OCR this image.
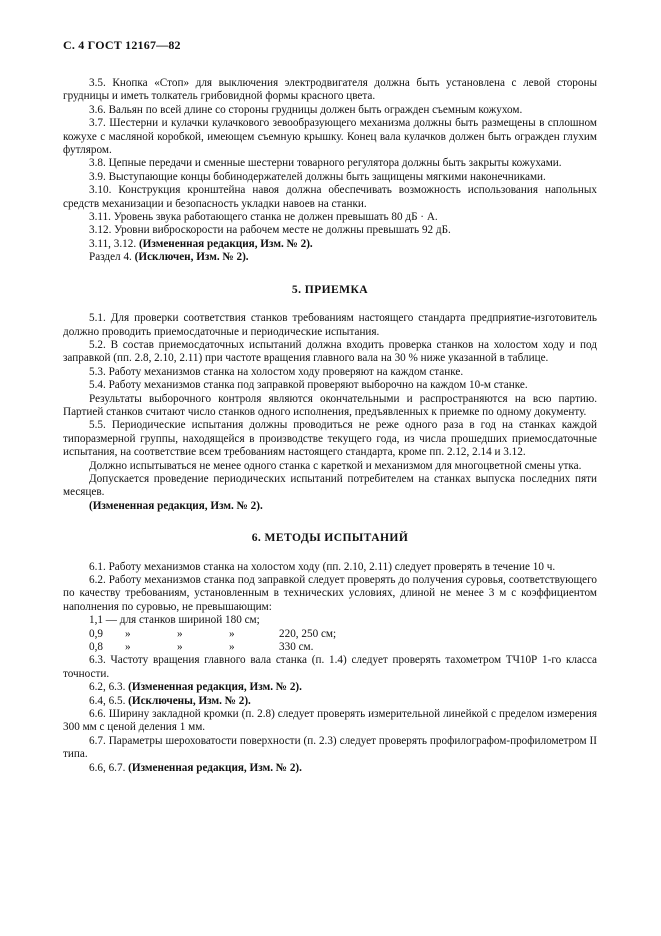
С. 4 ГОСТ 12167—82

3.5. Кнопка «Стоп» для выключения электродвигателя должна быть установлена с левой стороны грудницы и иметь толкатель грибовидной формы красного цвета.

3.6. Вальян по всей длине со стороны грудницы должен быть огражден съемным кожухом.

3.7. Шестерни и кулачки кулачкового зевообразующего механизма должны быть размещены в сплошном кожухе с масляной коробкой, имеющем съемную крышку. Конец вала кулачков должен быть огражден глухим футляром.

3.8. Цепные передачи и сменные шестерни товарного регулятора должны быть закрыты кожухами.

3.9. Выступающие концы бобинодержателей должны быть защищены мягкими наконечниками.

3.10. Конструкция кронштейна навоя должна обеспечивать возможность использования напольных средств механизации и безопасность укладки навоев на станки.

3.11. Уровень звука работающего станка не должен превышать 80 дБ · А.

3.12. Уровни виброскорости на рабочем месте не должны превышать 92 дБ.

3.11, 3.12. (Измененная редакция, Изм. № 2).

Раздел 4. (Исключен, Изм. № 2).

5. ПРИЕМКА

5.1. Для проверки соответствия станков требованиям настоящего стандарта предприятие-изготовитель должно проводить приемосдаточные и периодические испытания.

5.2. В состав приемосдаточных испытаний должна входить проверка станков на холостом ходу и под заправкой (пп. 2.8, 2.10, 2.11) при частоте вращения главного вала на 30 % ниже указанной в таблице.

5.3. Работу механизмов станка на холостом ходу проверяют на каждом станке.

5.4. Работу механизмов станка под заправкой проверяют выборочно на каждом 10-м станке.

Результаты выборочного контроля являются окончательными и распространяются на всю партию. Партией станков считают число станков одного исполнения, предъявленных к приемке по одному документу.

5.5. Периодические испытания должны проводиться не реже одного раза в год на станках каждой типоразмерной группы, находящейся в производстве текущего года, из числа прошедших приемосдаточные испытания, на соответствие всем требованиям настоящего стандарта, кроме пп. 2.12, 2.14 и 3.12.

Должно испытываться не менее одного станка с кареткой и механизмом для многоцветной смены утка.

Допускается проведение периодических испытаний потребителем на станках выпуска последних пяти месяцев.

(Измененная редакция, Изм. № 2).

6. МЕТОДЫ ИСПЫТАНИЙ

6.1. Работу механизмов станка на холостом ходу (пп. 2.10, 2.11) следует проверять в течение 10 ч.

6.2. Работу механизмов станка под заправкой следует проверять до получения суровья, соответствующего по качеству требованиям, установленным в технических условиях, длиной не менее 3 м с коэффициентом наполнения по суровью, не превышающим:

1,1 — для станков шириной 180 см;
0,9	»	»	»	220, 250 см;
0,8	»	»	»	330 см.

6.3. Частоту вращения главного вала станка (п. 1.4) следует проверять тахометром ТЧ10Р 1-го класса точности.

6.2, 6.3. (Измененная редакция, Изм. № 2).

6.4, 6.5. (Исключены, Изм. № 2).

6.6. Ширину закладной кромки (п. 2.8) следует проверять измерительной линейкой с пределом измерения 300 мм с ценой деления 1 мм.

6.7. Параметры шероховатости поверхности (п. 2.3) следует проверять профилографом-профилометром II типа.

6.6, 6.7. (Измененная редакция, Изм. № 2).
